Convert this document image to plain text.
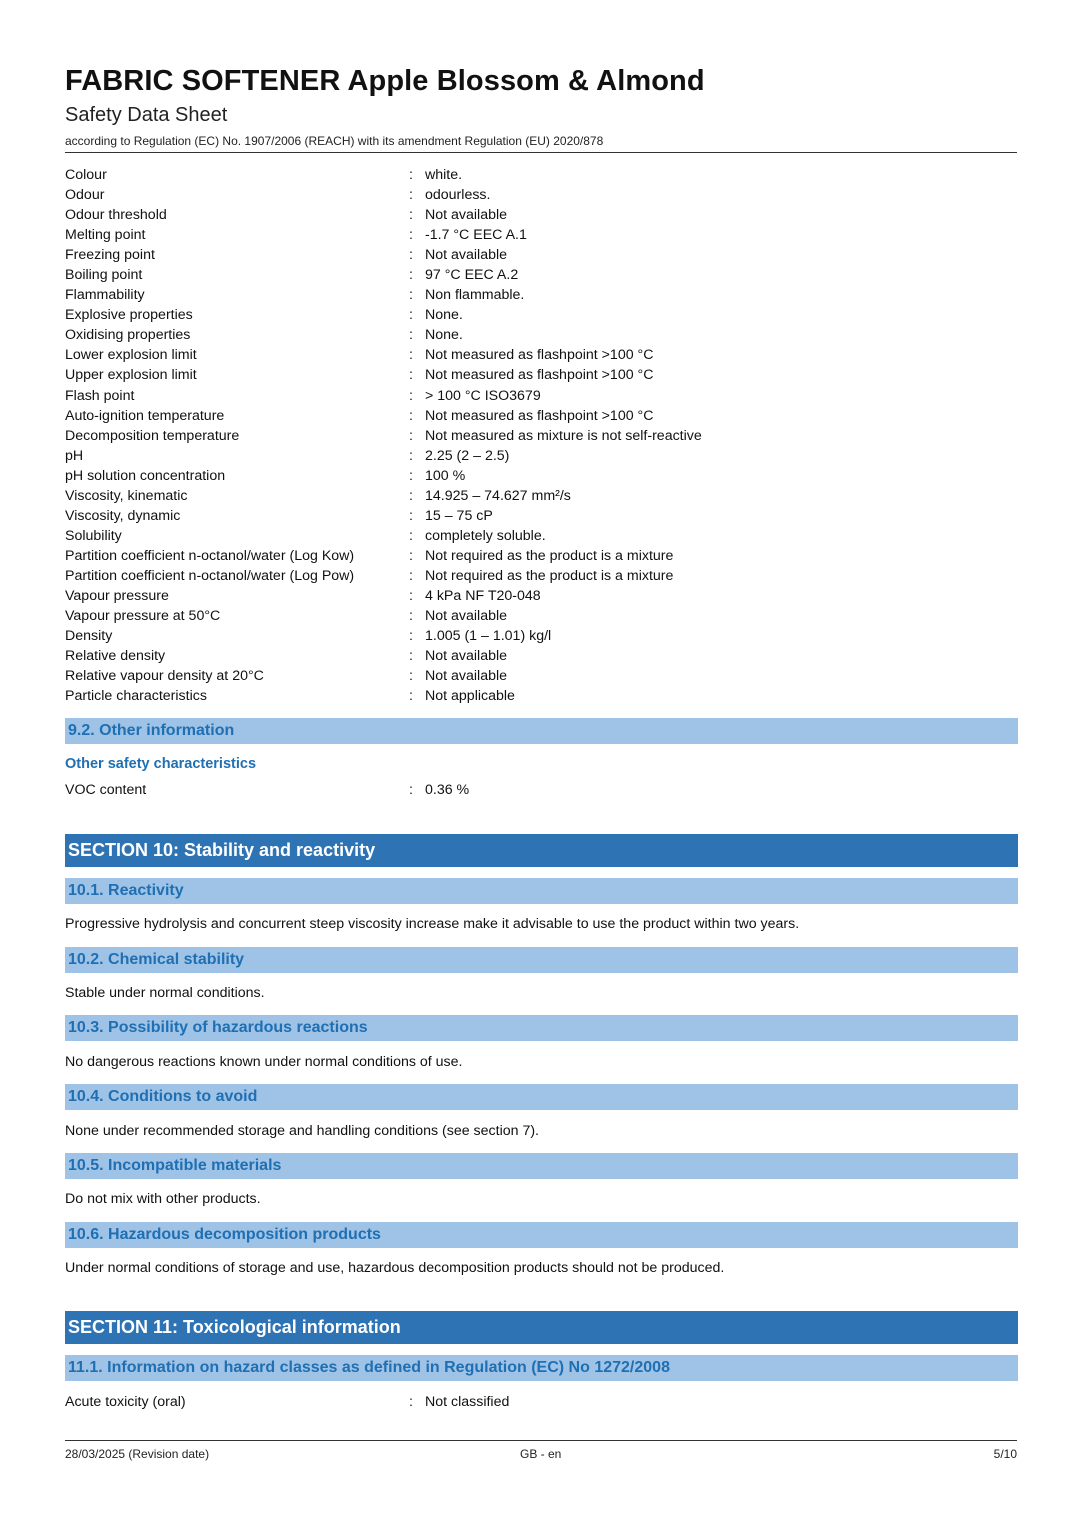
FABRIC SOFTENER Apple Blossom & Almond
Safety Data Sheet
according to Regulation (EC) No. 1907/2006 (REACH) with its amendment Regulation (EU) 2020/878
Colour	: white.
Odour	: odourless.
Odour threshold	: Not available
Melting point	: -1.7 °C EEC A.1
Freezing point	: Not available
Boiling point	: 97 °C EEC A.2
Flammability	: Non flammable.
Explosive properties	: None.
Oxidising properties	: None.
Lower explosion limit	: Not measured as flashpoint >100 °C
Upper explosion limit	: Not measured as flashpoint >100 °C
Flash point	: > 100 °C ISO3679
Auto-ignition temperature	: Not measured as flashpoint >100 °C
Decomposition temperature	: Not measured as mixture is not self-reactive
pH	: 2.25 (2 – 2.5)
pH solution concentration	: 100 %
Viscosity, kinematic	: 14.925 – 74.627 mm²/s
Viscosity, dynamic	: 15 – 75 cP
Solubility	: completely soluble.
Partition coefficient n-octanol/water (Log Kow)	: Not required as the product is a mixture
Partition coefficient n-octanol/water (Log Pow)	: Not required as the product is a mixture
Vapour pressure	: 4 kPa NF T20-048
Vapour pressure at 50°C	: Not available
Density	: 1.005 (1 – 1.01) kg/l
Relative density	: Not available
Relative vapour density at 20°C	: Not available
Particle characteristics	: Not applicable
9.2. Other information
Other safety characteristics
VOC content	: 0.36 %
SECTION 10: Stability and reactivity
10.1. Reactivity
Progressive hydrolysis and concurrent steep viscosity increase make it advisable to use the product within two years.
10.2. Chemical stability
Stable under normal conditions.
10.3. Possibility of hazardous reactions
No dangerous reactions known under normal conditions of use.
10.4. Conditions to avoid
None under recommended storage and handling conditions (see section 7).
10.5. Incompatible materials
Do not mix with other products.
10.6. Hazardous decomposition products
Under normal conditions of storage and use, hazardous decomposition products should not be produced.
SECTION 11: Toxicological information
11.1. Information on hazard classes as defined in Regulation (EC) No 1272/2008
Acute toxicity (oral)	: Not classified
28/03/2025 (Revision date)	GB - en	5/10
